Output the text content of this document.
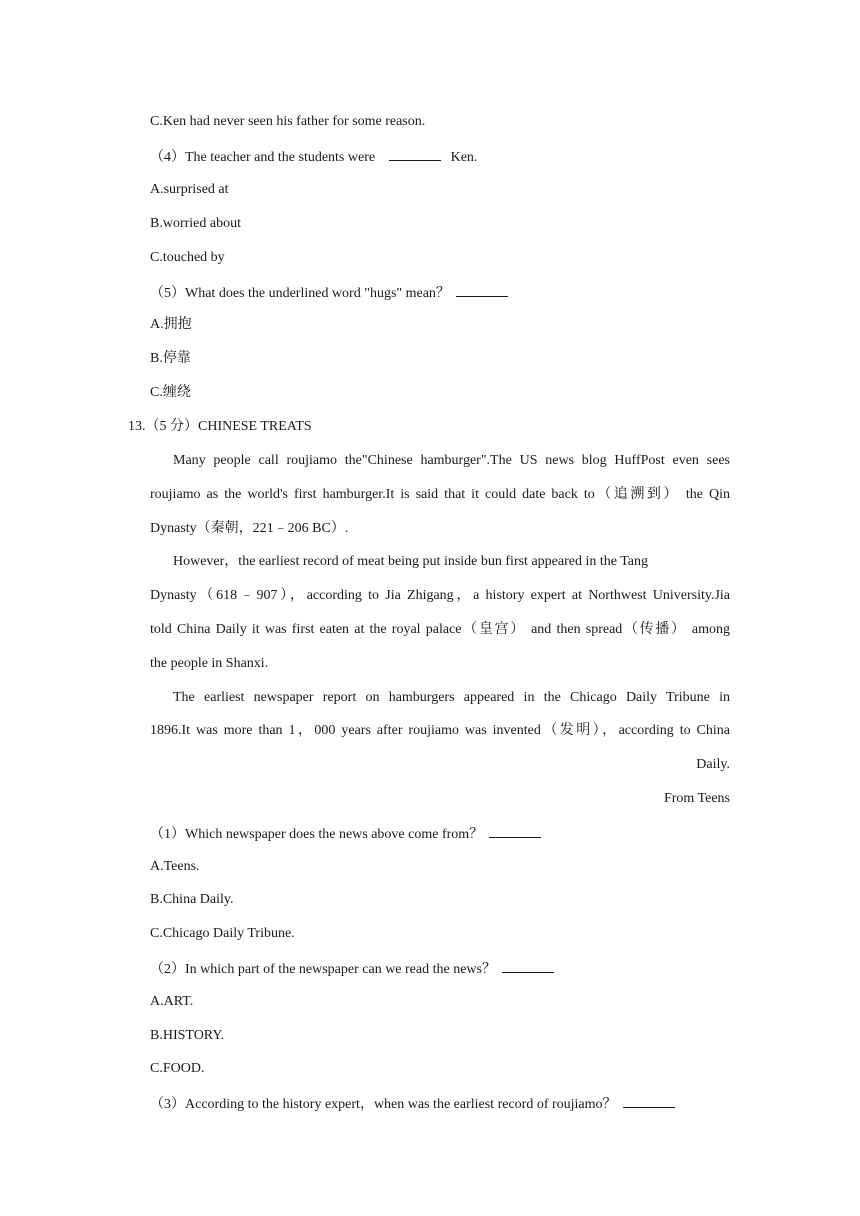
C.Ken had never seen his father for some reason.
（4）The teacher and the students were	Ken.
A.surprised at
B.worried about
C.touched by
（5）What does the underlined word "hugs" mean？
A.拥抱
B.停靠
C.缠绕
13.（5 分）CHINESE TREATS
Many people call roujiamo the"Chinese hamburger".The US news blog HuffPost even sees
roujiamo as the world's first hamburger.It is said that it could date back to（追溯到） the Qin
Dynasty（秦朝，221﹣206 BC）.
However，the earliest record of meat being put inside bun first appeared in the Tang
Dynasty（618﹣907），according to Jia Zhigang，a history expert at Northwest University.Jia
told China Daily it was first eaten at the royal palace（皇宫） and then spread（传播） among
the people in Shanxi.
The earliest newspaper report on hamburgers appeared in the Chicago Daily Tribune in
1896.It was more than 1，000 years after roujiamo was invented（发明），according to China
Daily.
From Teens
（1）Which newspaper does the news above come from？
A.Teens.
B.China Daily.
C.Chicago Daily Tribune.
（2）In which part of the newspaper can we read the news？
A.ART.
B.HISTORY.
C.FOOD.
（3）According to the history expert，when was the earliest record of roujiamo？
